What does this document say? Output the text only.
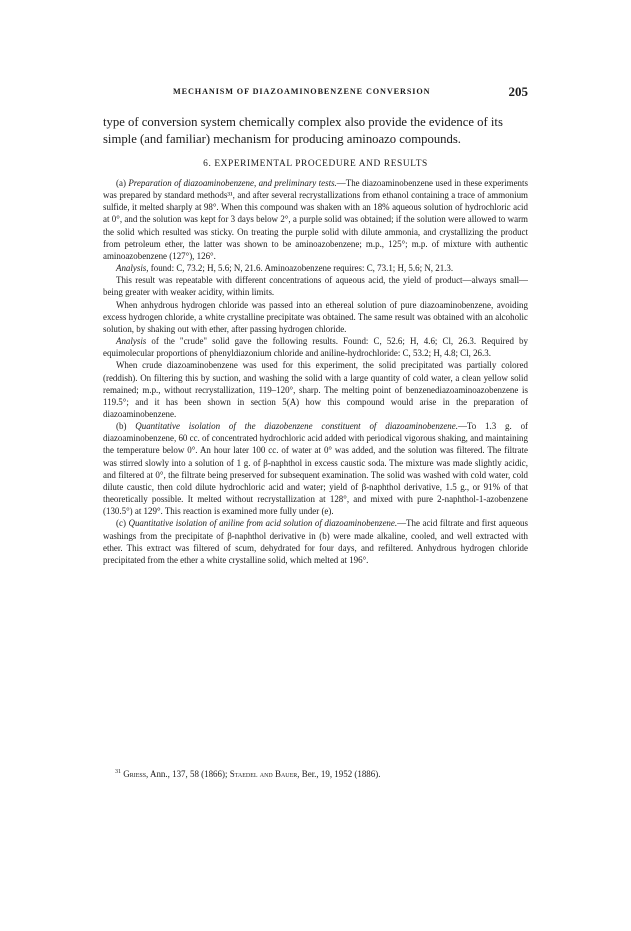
MECHANISM OF DIAZOAMINOBENZENE CONVERSION	205

type of conversion system chemically complex also provide the evidence of its simple (and familiar) mechanism for producing aminoazo compounds.

6. EXPERIMENTAL PROCEDURE AND RESULTS

(a) Preparation of diazoaminobenzene, and preliminary tests.—The diazoaminobenzene used in these experiments was prepared by standard methods³¹, and after several recrystallizations from ethanol containing a trace of ammonium sulfide, it melted sharply at 98°. When this compound was shaken with an 18% aqueous solution of hydrochloric acid at 0°, and the solution was kept for 3 days below 2°, a purple solid was obtained; if the solution were allowed to warm the solid which resulted was sticky. On treating the purple solid with dilute ammonia, and crystallizing the product from petroleum ether, the latter was shown to be aminoazobenzene; m.p., 125°; m.p. of mixture with authentic aminoazobenzene (127°), 126°.

Analysis, found: C, 73.2; H, 5.6; N, 21.6. Aminoazobenzene requires: C, 73.1; H, 5.6; N, 21.3.

This result was repeatable with different concentrations of aqueous acid, the yield of product—always small—being greater with weaker acidity, within limits.

When anhydrous hydrogen chloride was passed into an ethereal solution of pure diazoaminobenzene, avoiding excess hydrogen chloride, a white crystalline precipitate was obtained. The same result was obtained with an alcoholic solution, by shaking out with ether, after passing hydrogen chloride.

Analysis of the "crude" solid gave the following results. Found: C, 52.6; H, 4.6; Cl, 26.3. Required by equimolecular proportions of phenyldiazonium chloride and aniline-hydrochloride: C, 53.2; H, 4.8; Cl, 26.3.

When crude diazoaminobenzene was used for this experiment, the solid precipitated was partially colored (reddish). On filtering this by suction, and washing the solid with a large quantity of cold water, a clean yellow solid remained; m.p., without recrystallization, 119–120°, sharp. The melting point of benzenediazoaminoazobenzene is 119.5°; and it has been shown in section 5(A) how this compound would arise in the preparation of diazoaminobenzene.

(b) Quantitative isolation of the diazobenzene constituent of diazoaminobenzene.—To 1.3 g. of diazoaminobenzene, 60 cc. of concentrated hydrochloric acid added with periodical vigorous shaking, and maintaining the temperature below 0°. An hour later 100 cc. of water at 0° was added, and the solution was filtered. The filtrate was stirred slowly into a solution of 1 g. of β-naphthol in excess caustic soda. The mixture was made slightly acidic, and filtered at 0°, the filtrate being preserved for subsequent examination. The solid was washed with cold water, cold dilute caustic, then cold dilute hydrochloric acid and water; yield of β-naphthol derivative, 1.5 g., or 91% of that theoretically possible. It melted without recrystallization at 128°, and mixed with pure 2-naphthol-1-azobenzene (130.5°) at 129°. This reaction is examined more fully under (e).

(c) Quantitative isolation of aniline from acid solution of diazoaminobenzene.—The acid filtrate and first aqueous washings from the precipitate of β-naphthol derivative in (b) were made alkaline, cooled, and well extracted with ether. This extract was filtered of scum, dehydrated for four days, and refiltered. Anhydrous hydrogen chloride precipitated from the ether a white crystalline solid, which melted at 196°.

$^{31}$ Griess, Ann., 137, 58 (1866); Staedel and Bauer, Ber., 19, 1952 (1886).
